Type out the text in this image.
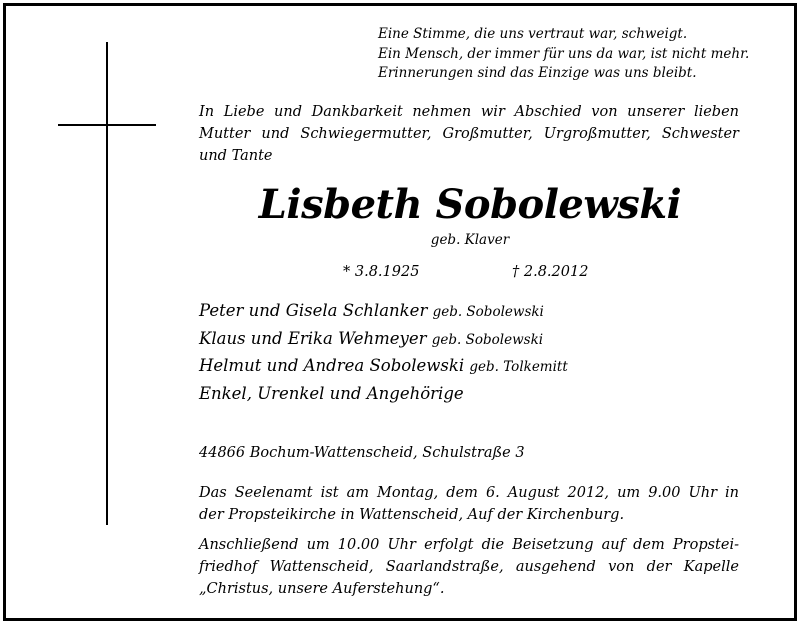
Eine Stimme, die uns vertraut war, schweigt.
Ein Mensch, der immer für uns da war, ist nicht mehr.
Erinnerungen sind das Einzige was uns bleibt.
In Liebe und Dankbarkeit nehmen wir Abschied von unserer lieben
Mutter und Schwiegermutter, Großmutter, Urgroßmutter, Schwester
und Tante
Lisbeth Sobolewski
geb. Klaver
* 3.8.1925	† 2.8.2012
Peter und Gisela Schlanker geb. Sobolewski
Klaus und Erika Wehmeyer geb. Sobolewski
Helmut und Andrea Sobolewski geb. Tolkemitt
Enkel, Urenkel und Angehörige
44866 Bochum-Wattenscheid, Schulstraße 3
Das Seelenamt ist am Montag, dem 6. August 2012, um 9.00 Uhr in
der Propsteikirche in Wattenscheid, Auf der Kirchenburg.
Anschließend um 10.00 Uhr erfolgt die Beisetzung auf dem Propstei-
friedhof Wattenscheid, Saarlandstraße, ausgehend von der Kapelle
„Christus, unsere Auferstehung“.
